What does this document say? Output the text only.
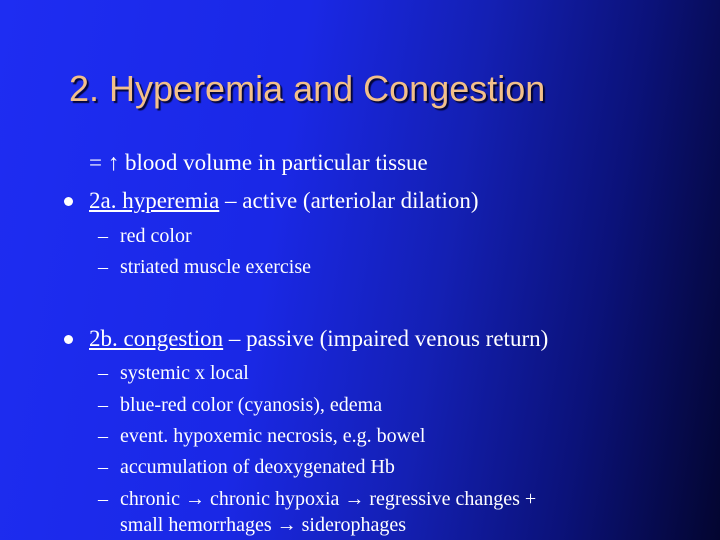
2. Hyperemia and Congestion
= ↑ blood volume in particular tissue
2a. hyperemia – active (arteriolar dilation)
– red color
– striated muscle exercise
2b. congestion – passive (impaired venous return)
– systemic x local
– blue-red color (cyanosis), edema
– event. hypoxemic necrosis, e.g. bowel
– accumulation of deoxygenated Hb
– chronic → chronic hypoxia → regressive changes +
small hemorrhages → siderophages
